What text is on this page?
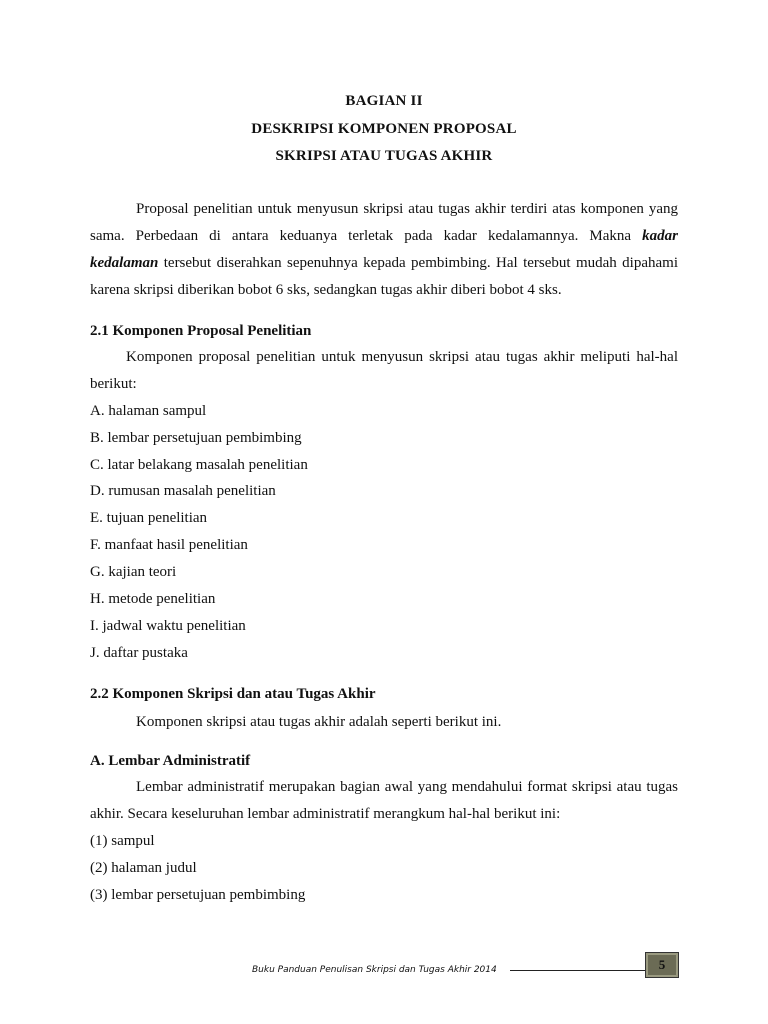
BAGIAN II
DESKRIPSI KOMPONEN PROPOSAL
SKRIPSI ATAU TUGAS AKHIR
Proposal penelitian untuk menyusun skripsi atau tugas akhir terdiri atas komponen yang
sama. Perbedaan di antara keduanya terletak pada kadar kedalamannya. Makna kadar
kedalaman tersebut diserahkan sepenuhnya kepada pembimbing. Hal tersebut mudah dipahami
karena skripsi diberikan bobot 6 sks, sedangkan tugas akhir diberi bobot 4 sks.
2.1 Komponen Proposal Penelitian
Komponen proposal penelitian untuk menyusun skripsi atau tugas akhir meliputi hal-hal
berikut:
A. halaman sampul
B. lembar persetujuan pembimbing
C. latar belakang masalah penelitian
D. rumusan masalah penelitian
E. tujuan penelitian
F. manfaat hasil penelitian
G. kajian teori
H. metode penelitian
I. jadwal waktu penelitian
J. daftar pustaka
2.2 Komponen Skripsi dan atau Tugas Akhir
Komponen skripsi atau tugas akhir adalah seperti berikut ini.
A. Lembar Administratif
Lembar administratif merupakan bagian awal yang mendahului format skripsi atau tugas
akhir. Secara keseluruhan lembar administratif merangkum hal-hal berikut ini:
(1) sampul
(2) halaman judul
(3) lembar persetujuan pembimbing
Buku Panduan Penulisan Skripsi dan Tugas Akhir 2014	5
